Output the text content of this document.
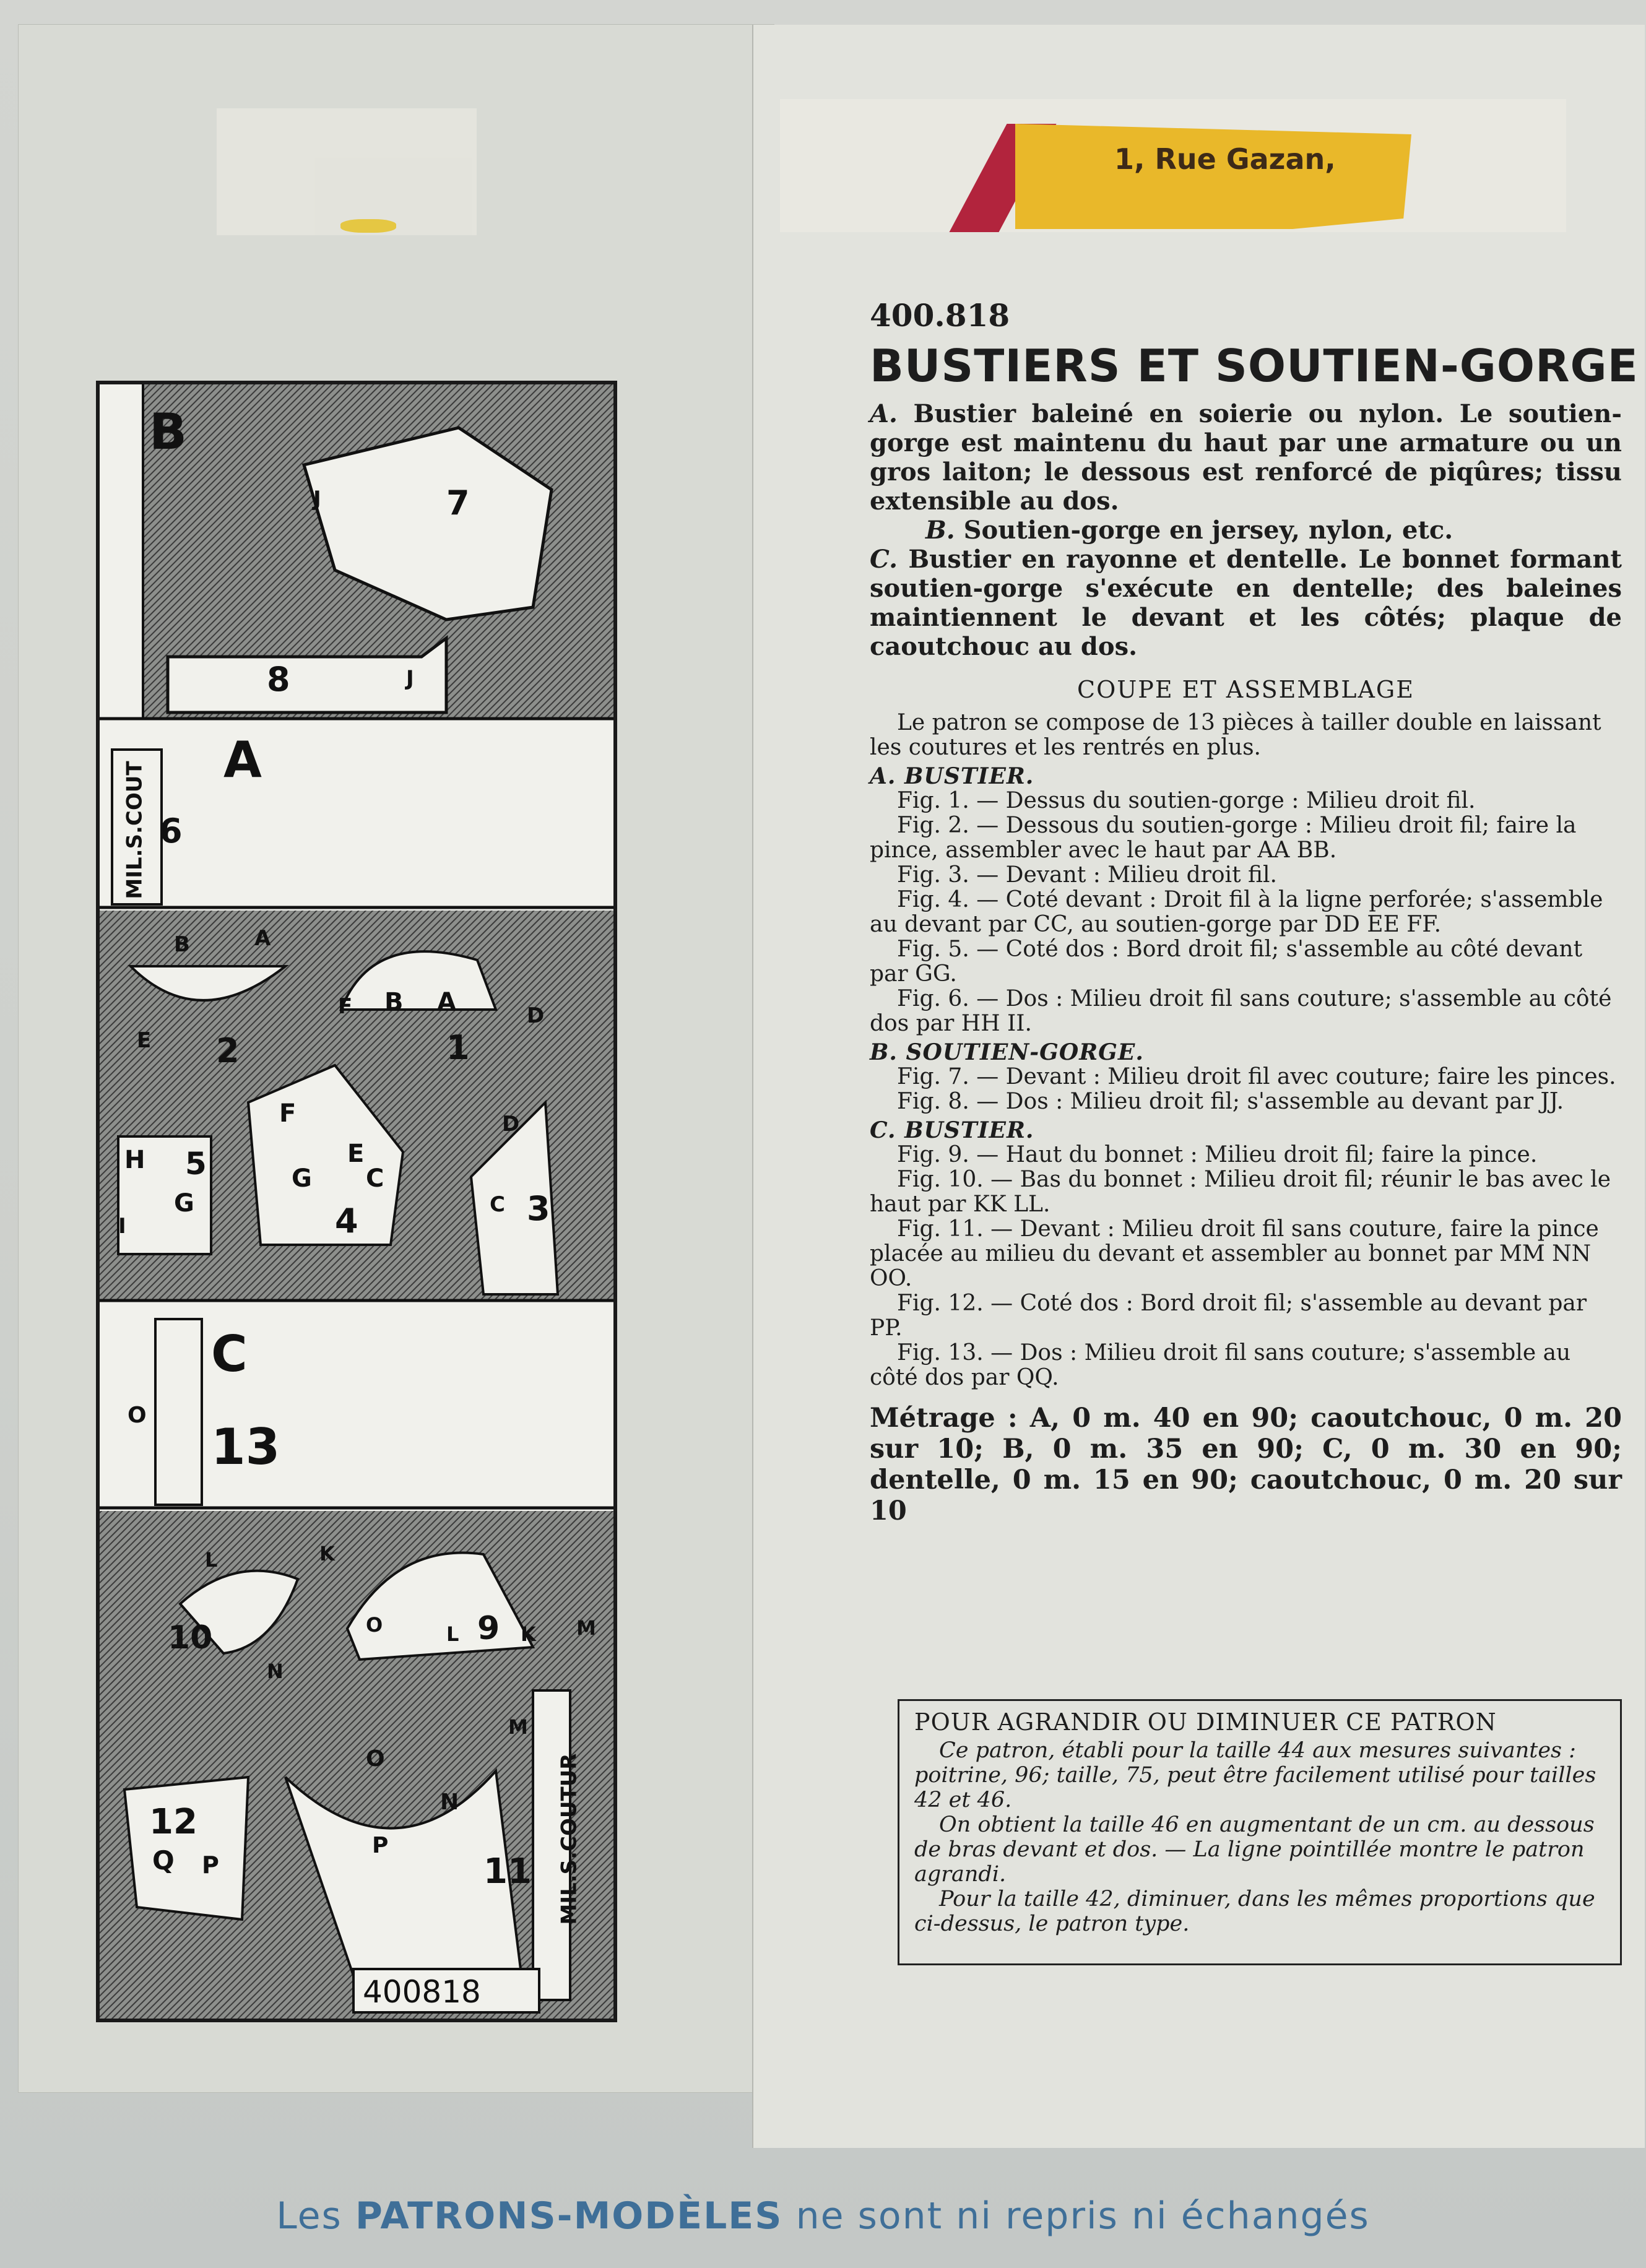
1, Rue Gazan,
B
A
C
7
8
6
2	1
5
4	3
13
10	9
12
11
J
J
A
B
E
F B A	D
F
E
D
H
G
I
G C
C
O
L	K
N
O	L	K M
O
N
M
Q P
P
MIL.S.COUT
MIL.S.COUTUR
400818
400.818
BUSTIERS ET SOUTIEN-GORGE

A. Bustier baleiné en soierie ou nylon. Le soutien-gorge est maintenu du haut par une armature ou un gros laiton; le dessous est renforcé de piqûres; tissu extensible au dos.

B. Soutien-gorge en jersey, nylon, etc.

C. Bustier en rayonne et dentelle. Le bonnet formant soutien-gorge s'exécute en dentelle; des baleines maintiennent le devant et les côtés; plaque de caoutchouc au dos.

COUPE ET ASSEMBLAGE

Le patron se compose de 13 pièces à tailler double en laissant les coutures et les rentrés en plus.

A. BUSTIER.

Fig. 1. — Dessus du soutien-gorge : Milieu droit fil.

Fig. 2. — Dessous du soutien-gorge : Milieu droit fil; faire la pince, assembler avec le haut par AA BB.

Fig. 3. — Devant : Milieu droit fil.

Fig. 4. — Coté devant : Droit fil à la ligne perforée; s'assemble au devant par CC, au soutien-gorge par DD EE FF.

Fig. 5. — Coté dos : Bord droit fil; s'assemble au côté devant par GG.

Fig. 6. — Dos : Milieu droit fil sans couture; s'assemble au côté dos par HH II.

B. SOUTIEN-GORGE.

Fig. 7. — Devant : Milieu droit fil avec couture; faire les pinces.

Fig. 8. — Dos : Milieu droit fil; s'assemble au devant par JJ.

C. BUSTIER.

Fig. 9. — Haut du bonnet : Milieu droit fil; faire la pince.

Fig. 10. — Bas du bonnet : Milieu droit fil; réunir le bas avec le haut par KK LL.

Fig. 11. — Devant : Milieu droit fil sans couture, faire la pince placée au milieu du devant et assembler au bonnet par MM NN OO.

Fig. 12. — Coté dos : Bord droit fil; s'assemble au devant par PP.

Fig. 13. — Dos : Milieu droit fil sans couture; s'assemble au côté dos par QQ.

Métrage : A, 0 m. 40 en 90; caoutchouc, 0 m. 20 sur 10; B, 0 m. 35 en 90; C, 0 m. 30 en 90; dentelle, 0 m. 15 en 90; caoutchouc, 0 m. 20 sur 10
POUR AGRANDIR OU DIMINUER CE PATRON

Ce patron, établi pour la taille 44 aux mesures suivantes : poitrine, 96; taille, 75, peut être facilement utilisé pour tailles 42 et 46.

On obtient la taille 46 en augmentant de un cm. au dessous de bras devant et dos. — La ligne pointillée montre le patron agrandi.

Pour la taille 42, diminuer, dans les mêmes proportions que ci-dessus, le patron type.

Les PATRONS-MODÈLES ne sont ni repris ni échangés
